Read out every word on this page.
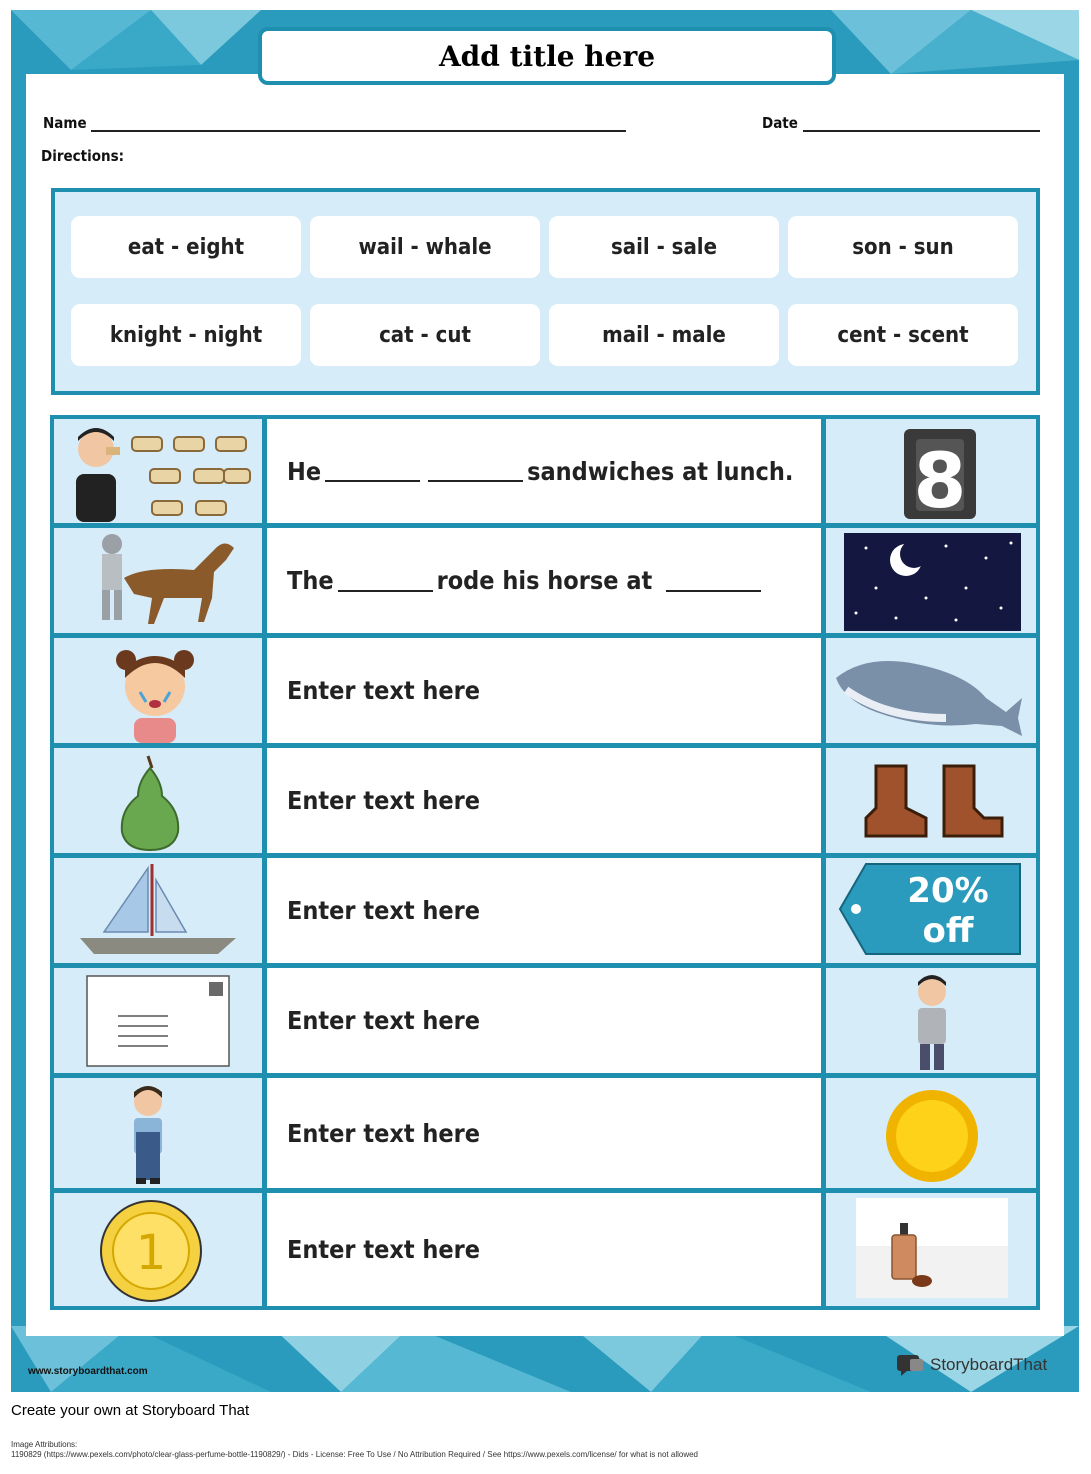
Add title here
www.storyboardthat.com	StoryboardThat
Name	Date
Directions:
eat - eight	wail - whale	sail - sale	son - sun
knight - night	cat - cut	mail - male	cent - scent
He	sandwiches at lunch. 8
The	rode his horse at
Enter text here
Enter text here
Enter text here	20%
off
Enter text here
Enter text here
1	Enter text here
Create your own at Storyboard That
Image Attributions:
1190829 (https://www.pexels.com/photo/clear-glass-perfume-bottle-1190829/) - Dids - License: Free To Use / No Attribution Required / See https://www.pexels.com/license/ for what is not allowed
